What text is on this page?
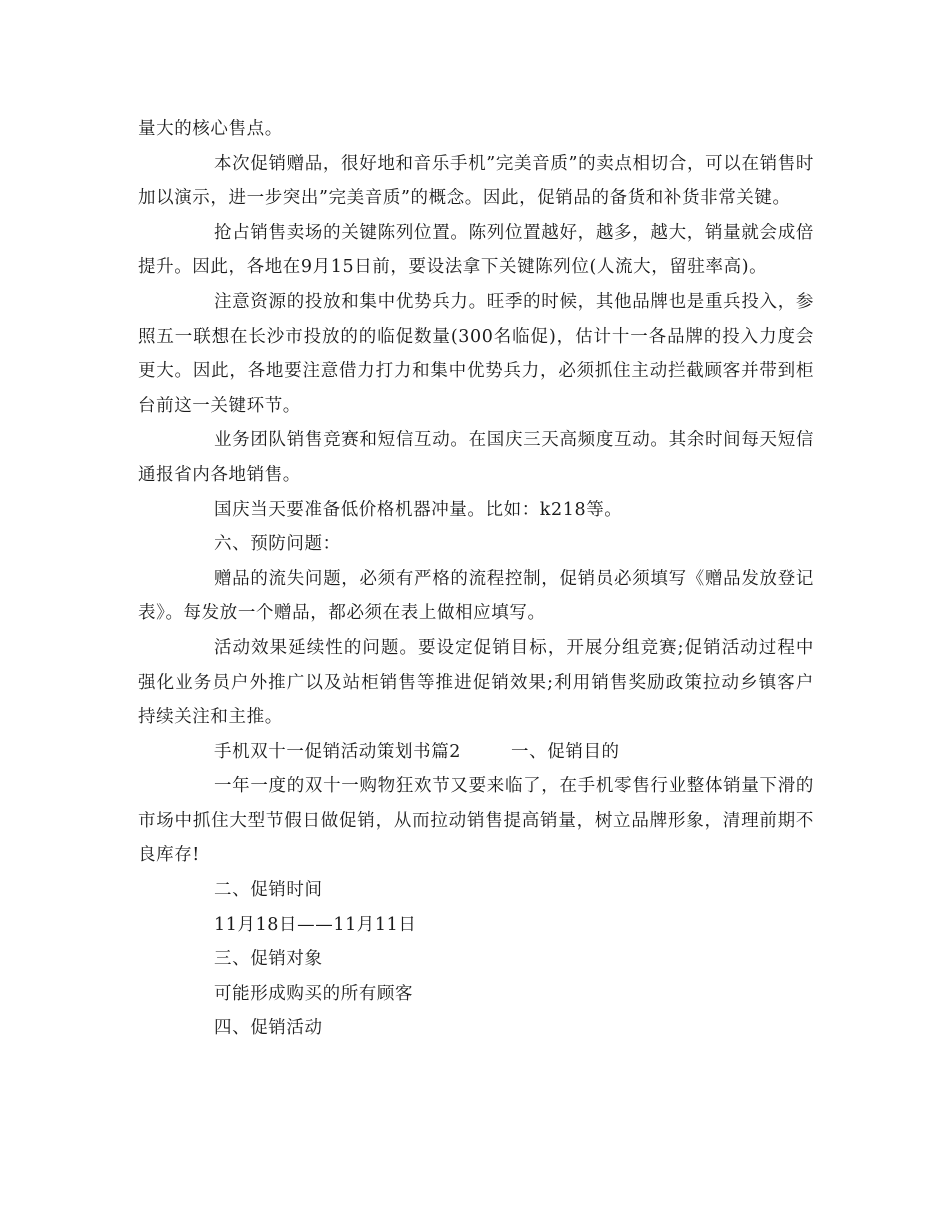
量大的核心售点。

本次促销赠品，很好地和音乐手机”完美音质”的卖点相切合，可以在销售时加以演示，进一步突出”完美音质”的概念。因此，促销品的备货和补货非常关键。

抢占销售卖场的关键陈列位置。陈列位置越好，越多，越大，销量就会成倍提升。因此，各地在9月15日前，要设法拿下关键陈列位(人流大，留驻率高)。

注意资源的投放和集中优势兵力。旺季的时候，其他品牌也是重兵投入，参照五一联想在长沙市投放的的临促数量(300名临促)，估计十一各品牌的投入力度会更大。因此，各地要注意借力打力和集中优势兵力，必须抓住主动拦截顾客并带到柜台前这一关键环节。

业务团队销售竞赛和短信互动。在国庆三天高频度互动。其余时间每天短信通报省内各地销售。

国庆当天要准备低价格机器冲量。比如：k218等。

六、预防问题：

赠品的流失问题，必须有严格的流程控制，促销员必须填写《赠品发放登记表》。每发放一个赠品，都必须在表上做相应填写。

活动效果延续性的问题。要设定促销目标，开展分组竞赛;促销活动过程中强化业务员户外推广以及站柜销售等推进促销效果;利用销售奖励政策拉动乡镇客户持续关注和主推。

手机双十一促销活动策划书篇2	一、促销目的

一年一度的双十一购物狂欢节又要来临了，在手机零售行业整体销量下滑的市场中抓住大型节假日做促销，从而拉动销售提高销量，树立品牌形象，清理前期不良库存!

二、促销时间

11月18日——11月11日

三、促销对象

可能形成购买的所有顾客

四、促销活动
